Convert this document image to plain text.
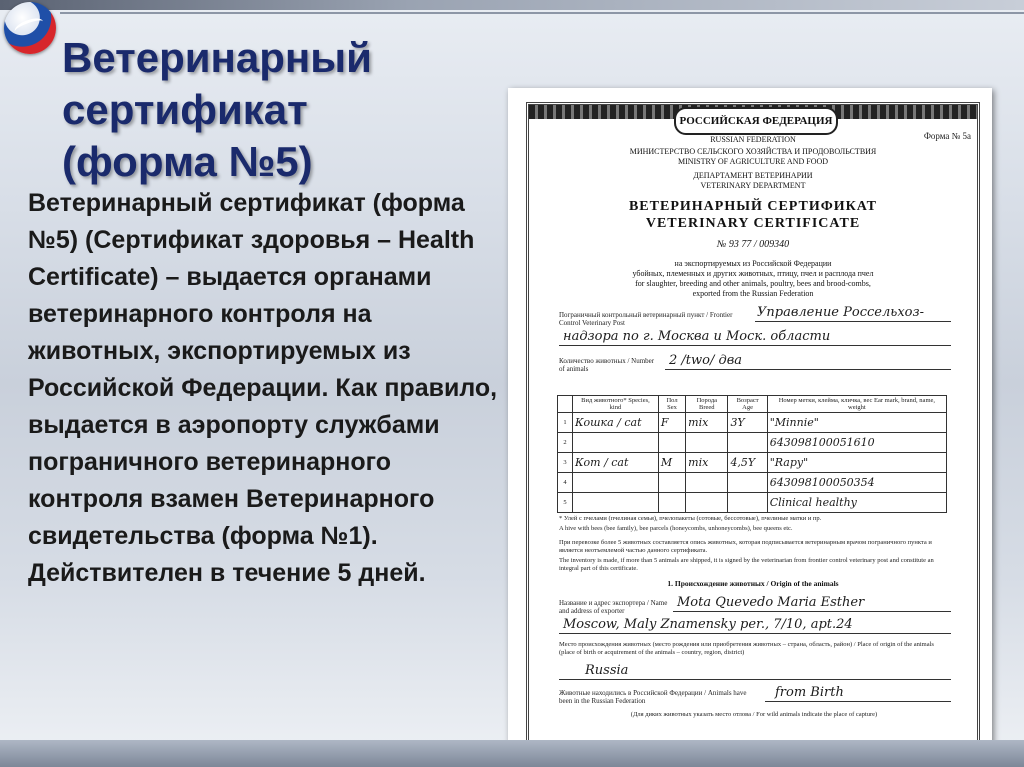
Ветеринарный сертификат
(форма №5)
Ветеринарный сертификат (форма №5) (Сертификат здоровья – Health Certificate) – выдается органами ветеринарного контроля на животных, экспортируемых из Российской Федерации. Как правило, выдается в аэропорту службами пограничного ветеринарного контроля взамен Ветеринарного свидетельства (форма №1). Действителен в течение 5 дней.
РОССИЙСКАЯ ФЕДЕРАЦИЯ
Форма № 5а
RUSSIAN FEDERATION
МИНИСТЕРСТВО СЕЛЬСКОГО ХОЗЯЙСТВА И ПРОДОВОЛЬСТВИЯ
MINISTRY OF AGRICULTURE AND FOOD
ДЕПАРТАМЕНТ ВЕТЕРИНАРИИ
VETERINARY DEPARTMENT
ВЕТЕРИНАРНЫЙ СЕРТИФИКАТ
VETERINARY CERTIFICATE
№ 93 77 / 009340
на экспортируемых из Российской Федерации
убойных, племенных и других животных, птицу, пчел и расплода пчел
for slaughter, breeding and other animals, poultry, bees and brood-combs,
exported from the Russian Federation
Пограничный контрольный ветеринарный пункт / Frontier Control Veterinary Post
Управление Россельхоз-
надзора по г. Москва и Моск. области
Количество животных / Number of animals
2 /two/ два
	Вид животного* Species, kind	Пол Sex	Порода Breed	Возраст Age	Номер метки, клейма, кличка, вес Ear mark, brand, name, weight
1	Кошка / cat	F	mix	3Y	"Minnie"
2					643098100051610
3	Кот / cat	M	mix	4,5Y	"Rapy"
4					643098100050354
5					Clinical healthy
* Улей с пчелами (пчелиная семья), пчелопакеты (сотовые, бессотовые), пчелиные матки и пр.
A hive with bees (bee family), bee parcels (honeycombs, unhoneycombs), bee queens etc.
При перевозке более 5 животных составляется опись животных, которая подписывается ветеринарным врачом пограничного пункта и является неотъемлемой частью данного сертификата.
The inventory is made, if more than 5 animals are shipped, it is signed by the veterinarian from frontier control veterinary post and constitute an integral part of this certificate.
1. Происхождение животных / Origin of the animals
Название и адрес экспортера / Name and address of exporter
Mota Quevedo Maria Esther
Moscow, Maly Znamensky per., 7/10, apt.24
Место происхождения животных (место рождения или приобретения животных – страна, область, район) / Place of origin of the animals (place of birth or acquirement of the animals – country, region, district)
Russia
Животные находились в Российской Федерации / Animals have been in the Russian Federation
from Birth
(Для диких животных указать место отлова / For wild animals indicate the place of capture)
